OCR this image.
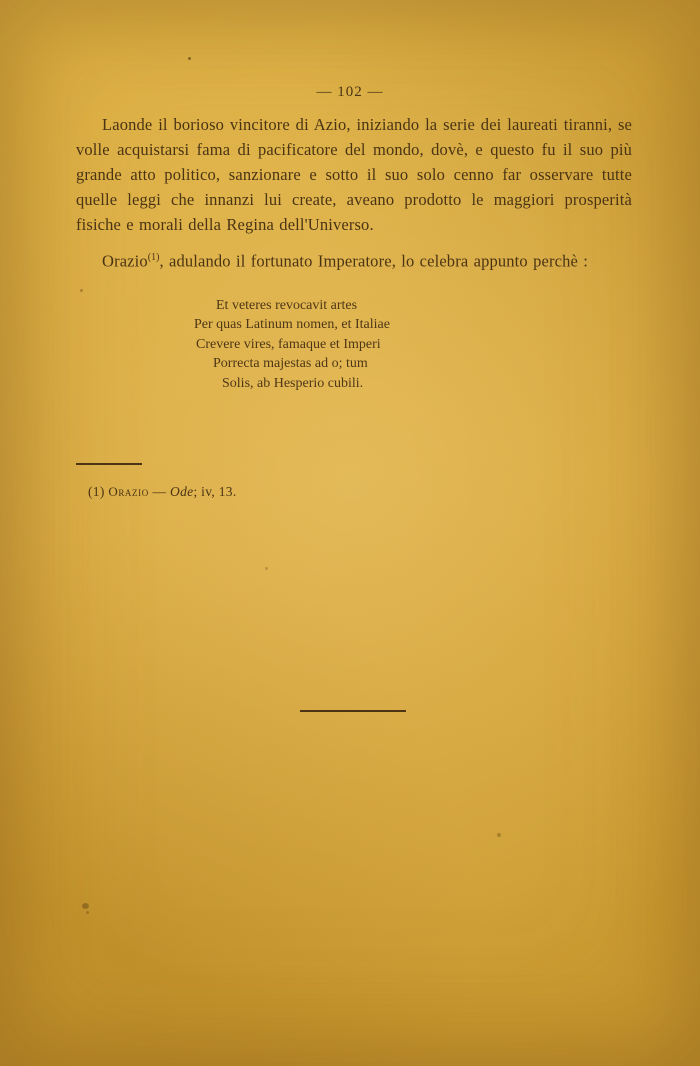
— 102 —

Laonde il borioso vincitore di Azio, iniziando la serie dei laureati tiranni, se volle acquistarsi fama di pacificatore del mondo, dovè, e questo fu il suo più grande atto politico, sanzionare e sotto il suo solo cenno far osservare tutte quelle leggi che innanzi lui create, aveano prodotto le maggiori prosperità fisiche e morali della Regina dell'Universo.

Orazio$^{(1)}$, adulando il fortunato Imperatore, lo celebra appunto perchè :

Et veteres revocavit artes
Per quas Latinum nomen, et Italiae
Crevere vires, famaque et Imperi
Porrecta majestas ad o; tum
Solis, ab Hesperio cubili.
(1) Orazio — Ode; iv, 13.
